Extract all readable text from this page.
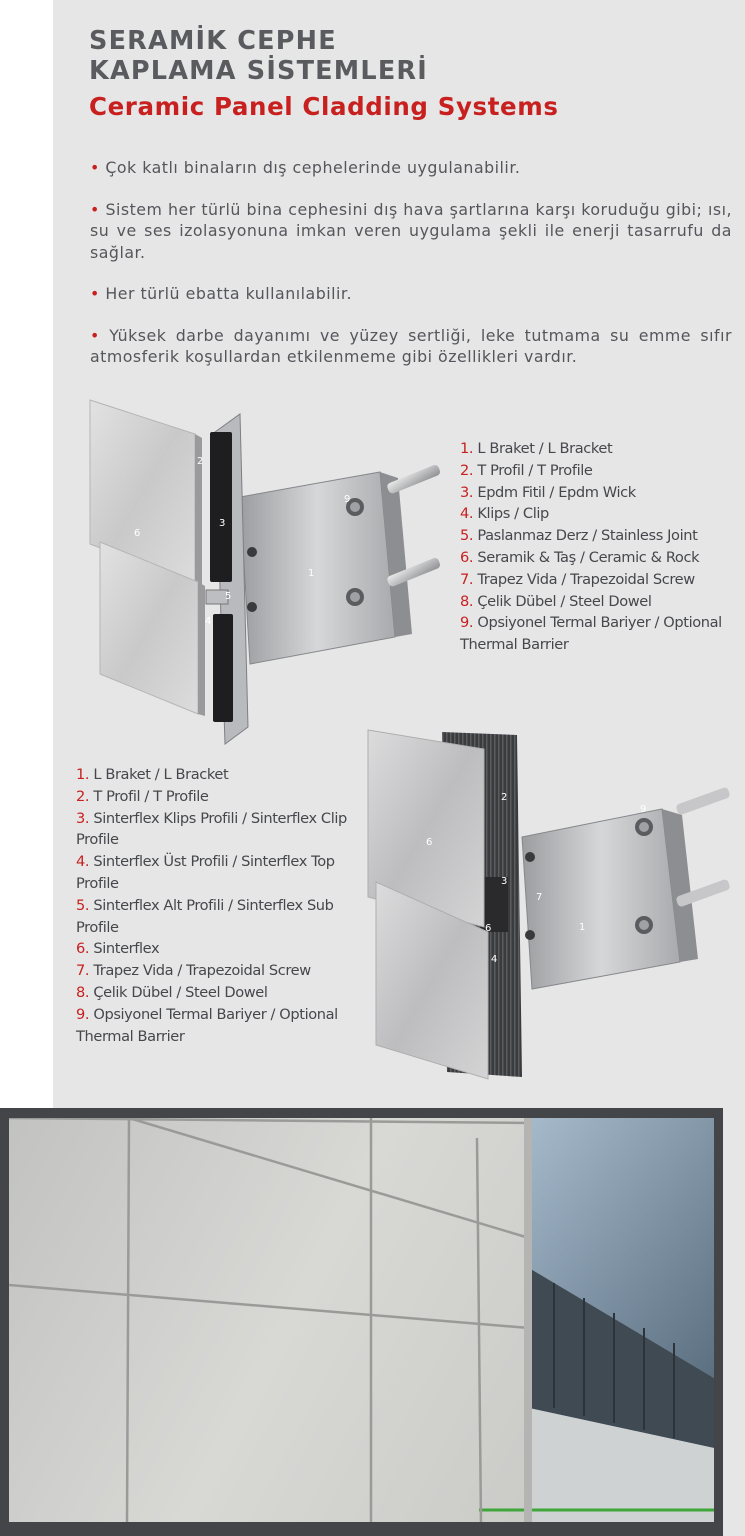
SERAMİK CEPHE
KAPLAMA SİSTEMLERİ
Ceramic Panel Cladding Systems

• Çok katlı binaların dış cephelerinde uygulanabilir.

• Sistem her türlü bina cephesini dış hava şartlarına karşı koruduğu gibi; ısı, su ve ses izolasyonuna imkan veren uygulama şekli ile enerji tasarrufu da sağlar.

• Her türlü ebatta kullanılabilir.

• Yüksek darbe dayanımı ve yüzey sertliği, leke tutmama su emme sıfır atmosferik koşullardan etkilenmeme gibi özellikleri vardır.

1
2
3
4
5
6
9

1. L Braket / L Bracket

2. T Profil / T Profile

3. Epdm Fitil / Epdm Wick

4. Klips / Clip

5. Paslanmaz Derz / Stainless Joint

6. Seramik & Taş / Ceramic & Rock

7. Trapez Vida / Trapezoidal Screw

8. Çelik Dübel / Steel Dowel

9. Opsiyonel Termal Bariyer / Optional Thermal Barrier

1
2
3
4
6
6
7
9

1. L Braket / L Bracket

2. T Profil / T Profile

3. Sinterflex Klips Profili / Sinterflex Clip Profile

4. Sinterflex Üst Profili / Sinterflex Top Profile

5. Sinterflex Alt Profili / Sinterflex Sub Profile

6. Sinterflex

7. Trapez Vida / Trapezoidal Screw

8. Çelik Dübel / Steel Dowel

9. Opsiyonel Termal Bariyer / Optional Thermal Barrier
